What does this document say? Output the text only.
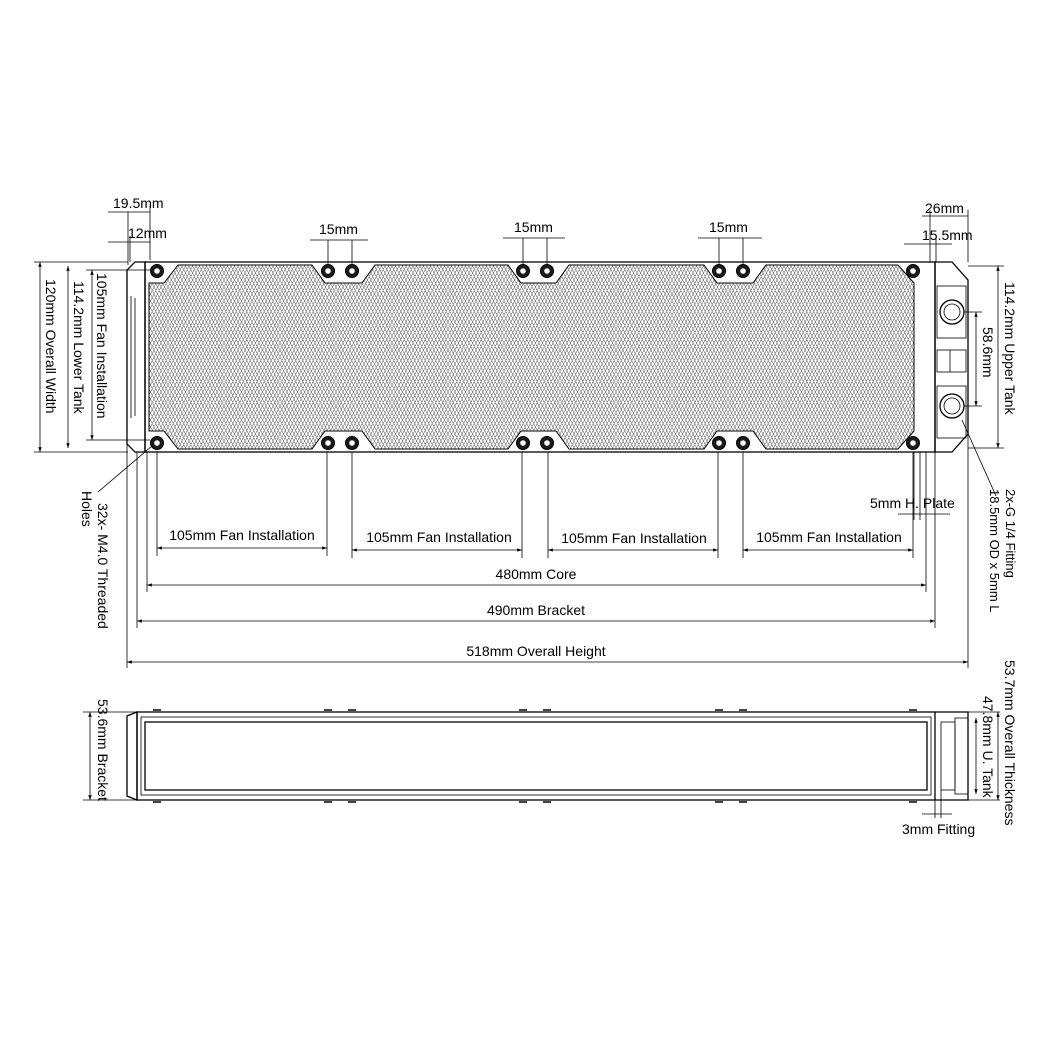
19.5mm
12mm	15mm	15mm	15mm
26mm
15.5mm
120mm Overall Width 114.2mm Lower Tank 105mm Fan Installation	114.2mm Upper Tank
58.6mm
2x-G 1/4 Fitting
18.5mm OD x 5mm L
32x- M4.0 Threaded
Holes	5mm H. Plate
105mm Fan Installation	105mm Fan Installation	105mm Fan Installation	105mm Fan Installation
480mm Core
490mm Bracket
518mm Overall Height
53.6mm Bracket	53.7mm Overall Thickness
47.8mm U. Tank
3mm Fitting
